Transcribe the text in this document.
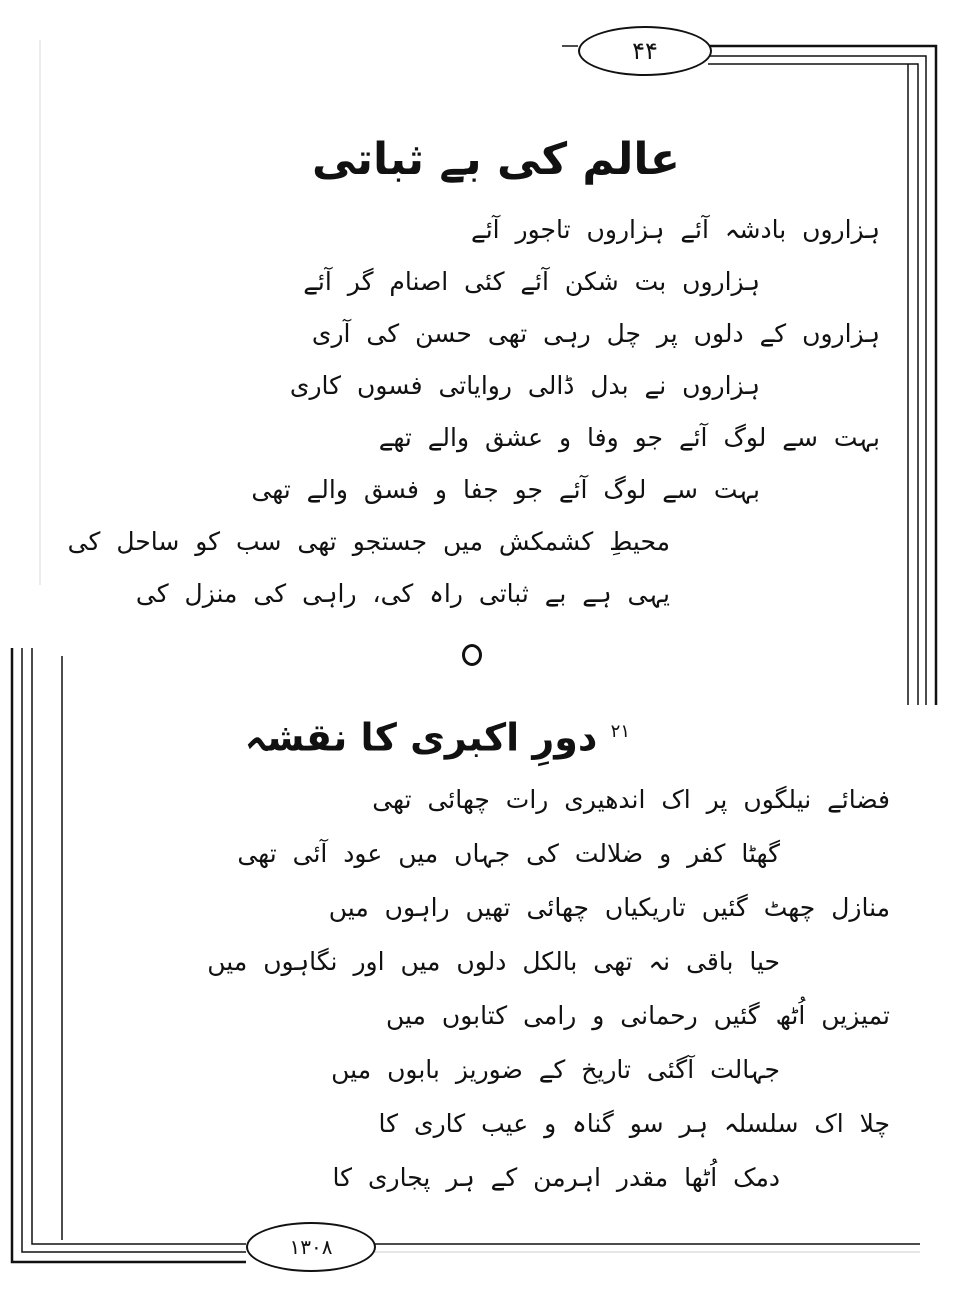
۴۴
عالم کی بے ثباتی
ہزاروں بادشہ آئے ہزاروں تاجور آئے
ہزاروں بت شکن آئے کئی اصنام گر آئے
ہزاروں کے دلوں پر چل رہی تھی حسن کی آری
ہزاروں نے بدل ڈالی روایاتی فسوں کاری
بہت سے لوگ آئے جو وفا و عشق والے تھے
بہت سے لوگ آئے جو جفا و فسق والے تھی
محیطِ کشمکش میں جستجو تھی سب کو ساحل کی
یہی ہے بے ثباتی راہ کی، راہی کی منزل کی
$^{۲۱}$ دورِ اکبری کا نقشہ
فضائے نیلگوں پر اک اندھیری رات چھائی تھی
گھٹا کفر و ضلالت کی جہاں میں عود آئی تھی
منازل چھٹ گئیں تاریکیاں چھائی تھیں راہوں میں
حیا باقی نہ تھی بالکل دلوں میں اور نگاہوں میں
تمیزیں اُٹھ گئیں رحمانی و رامی کتابوں میں
جہالت آگئی تاریخ کے ضوریز بابوں میں
چلا اک سلسلہ ہر سو گناہ و عیب کاری کا
دمک اُٹھا مقدر اہرمن کے ہر پجاری کا
۱۳۰۸
